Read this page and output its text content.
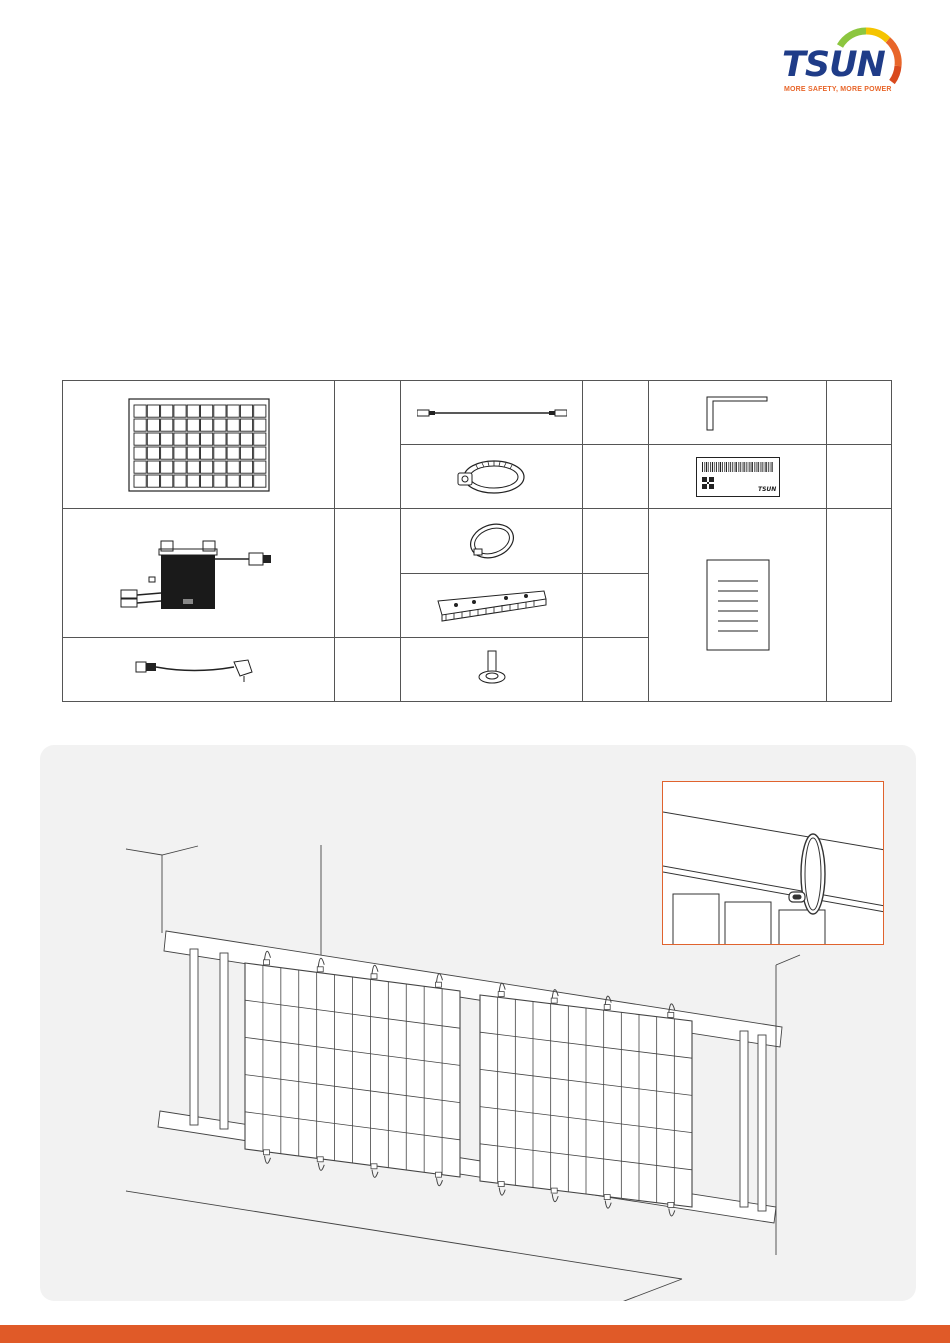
TSUN
MORE SAFETY, MORE POWER

TSUN	
